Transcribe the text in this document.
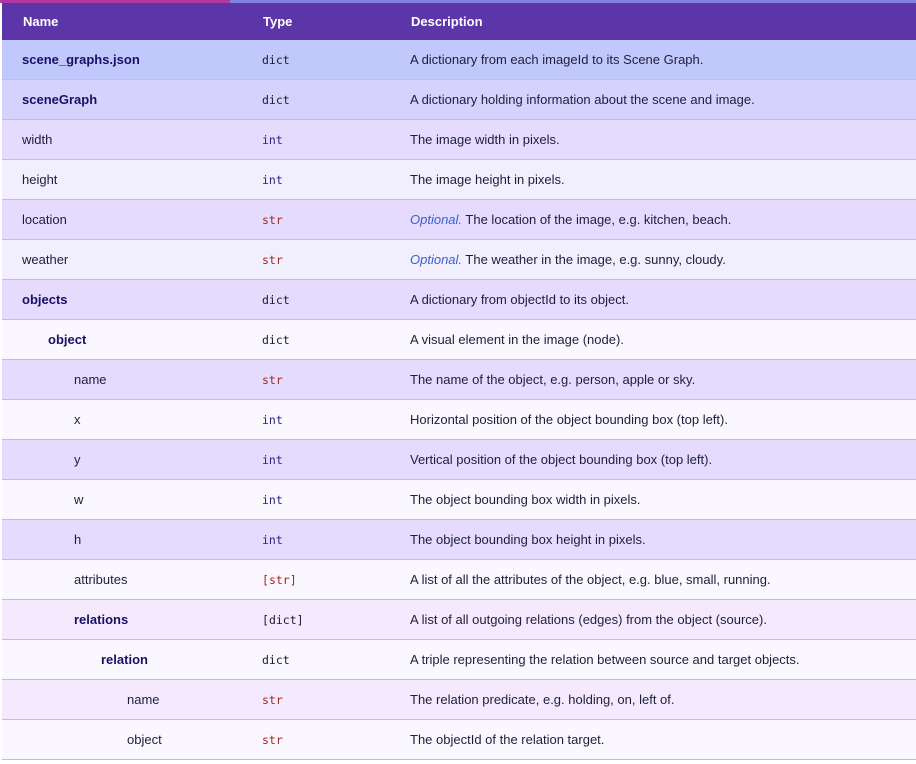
Name	Type	Description
scene_graphs.json	dict	A dictionary from each imageId to its Scene Graph.
sceneGraph	dict	A dictionary holding information about the scene and image.
width	int	The image width in pixels.
height	int	The image height in pixels.
location	str	Optional. The location of the image, e.g. kitchen, beach.
weather	str	Optional. The weather in the image, e.g. sunny, cloudy.
objects	dict	A dictionary from objectId to its object.
object	dict	A visual element in the image (node).
name	str	The name of the object, e.g. person, apple or sky.
x	int	Horizontal position of the object bounding box (top left).
y	int	Vertical position of the object bounding box (top left).
w	int	The object bounding box width in pixels.
h	int	The object bounding box height in pixels.
attributes	[str]	A list of all the attributes of the object, e.g. blue, small, running.
relations	[dict]	A list of all outgoing relations (edges) from the object (source).
relation	dict	A triple representing the relation between source and target objects.
name	str	The relation predicate, e.g. holding, on, left of.
object	str	The objectId of the relation target.
